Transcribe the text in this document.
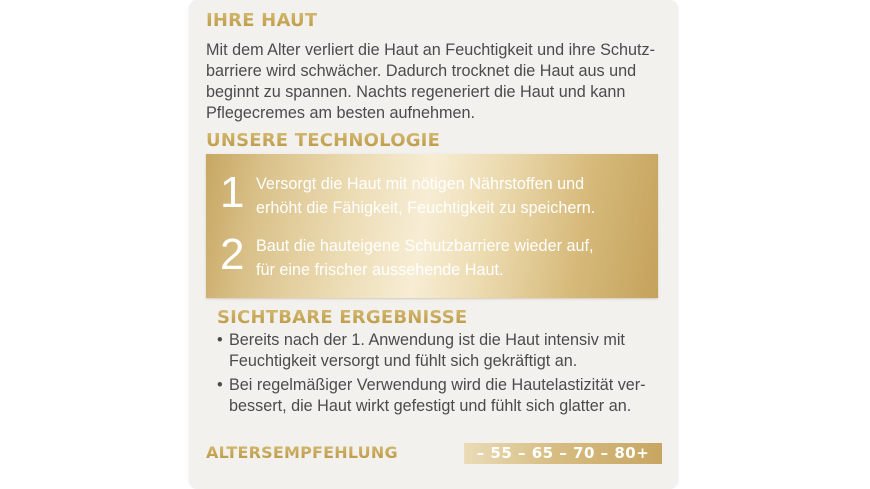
IHRE HAUT

Mit dem Alter verliert die Haut an Feuchtigkeit und ihre Schutz-
barriere wird schwächer. Dadurch trocknet die Haut aus und
beginnt zu spannen. Nachts regeneriert die Haut und kann
Pflegecremes am besten aufnehmen.

UNSERE TECHNOLOGIE
1 Versorgt die Haut mit nötigen Nährstoffen und
erhöht die Fähigkeit, Feuchtigkeit zu speichern.
2 Baut die hauteigene Schutzbarriere wieder auf,
für eine frischer aussehende Haut.
SICHTBARE ERGEBNISSE
• Bereits nach der 1. Anwendung ist die Haut intensiv mit
Feuchtigkeit versorgt und fühlt sich gekräftigt an.
• Bei regelmäßiger Verwendung wird die Hautelastizität ver-
bessert, die Haut wirkt gefestigt und fühlt sich glatter an.
ALTERSEMPFEHLUNG	– 55 – 65 – 70 – 80+
